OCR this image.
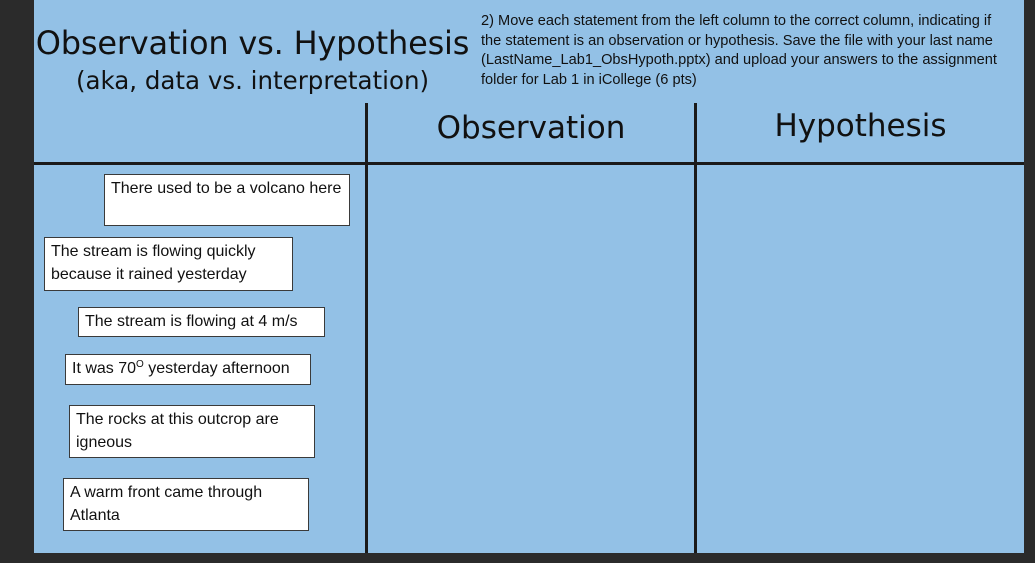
Observation vs. Hypothesis
(aka, data vs. interpretation)
2) Move each statement from the left column to the correct column, indicating if the statement is an observation or hypothesis. Save the file with your last name (LastName_Lab1_ObsHypoth.pptx) and upload your answers to the assignment folder for Lab 1 in iCollege (6 pts)
Observation	Hypothesis
There used to be a volcano here
The stream is flowing quickly because it rained yesterday
The stream is flowing at 4 m/s
It was $70^O$ yesterday afternoon
The rocks at this outcrop are igneous
A warm front came through Atlanta
